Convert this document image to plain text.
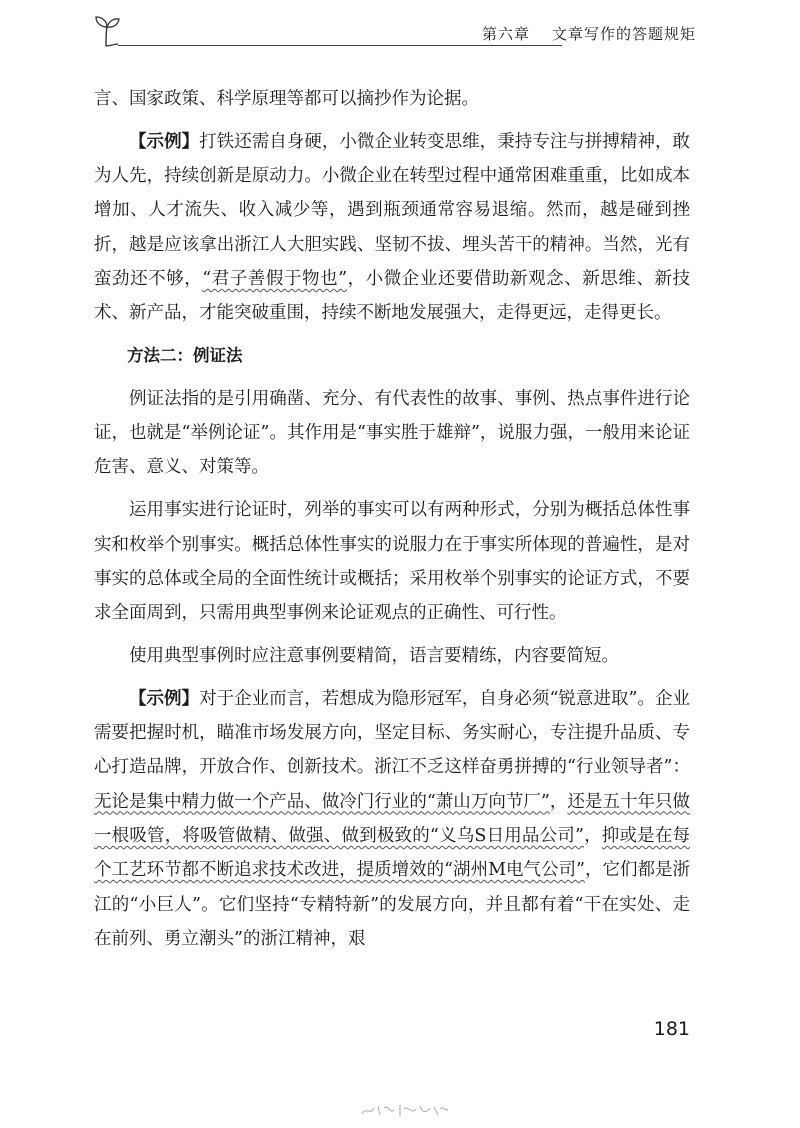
第六章 文章写作的答题规矩

言、国家政策、科学原理等都可以摘抄作为论据。

【示例】打铁还需自身硬，小微企业转变思维，秉持专注与拼搏精神，敢为人先，持续创新是原动力。小微企业在转型过程中通常困难重重，比如成本增加、人才流失、收入减少等，遇到瓶颈通常容易退缩。然而，越是碰到挫折，越是应该拿出浙江人大胆实践、坚韧不拔、埋头苦干的精神。当然，光有蛮劲还不够，“君子善假于物也”，小微企业还要借助新观念、新思维、新技术、新产品，才能突破重围，持续不断地发展强大，走得更远，走得更长。

方法二：例证法

例证法指的是引用确凿、充分、有代表性的故事、事例、热点事件进行论证，也就是“举例论证”。其作用是“事实胜于雄辩”，说服力强，一般用来论证危害、意义、对策等。

运用事实进行论证时，列举的事实可以有两种形式，分别为概括总体性事实和枚举个别事实。概括总体性事实的说服力在于事实所体现的普遍性，是对事实的总体或全局的全面性统计或概括；采用枚举个别事实的论证方式，不要求全面周到，只需用典型事例来论证观点的正确性、可行性。

使用典型事例时应注意事例要精简，语言要精练，内容要简短。

【示例】对于企业而言，若想成为隐形冠军，自身必须“锐意进取”。企业需要把握时机，瞄准市场发展方向，坚定目标、务实耐心，专注提升品质、专心打造品牌，开放合作、创新技术。浙江不乏这样奋勇拼搏的“行业领导者”：无论是集中精力做一个产品、做冷门行业的“萧山万向节厂”，还是五十年只做一根吸管，将吸管做精、做强、做到极致的“义乌S日用品公司”，抑或是在每个工艺环节都不断追求技术改进，提质增效的“湖州M电气公司”，它们都是浙江的“小巨人”。它们坚持“专精特新”的发展方向，并且都有着“干在实处、走在前列、勇立潮头”的浙江精神，艰

181
